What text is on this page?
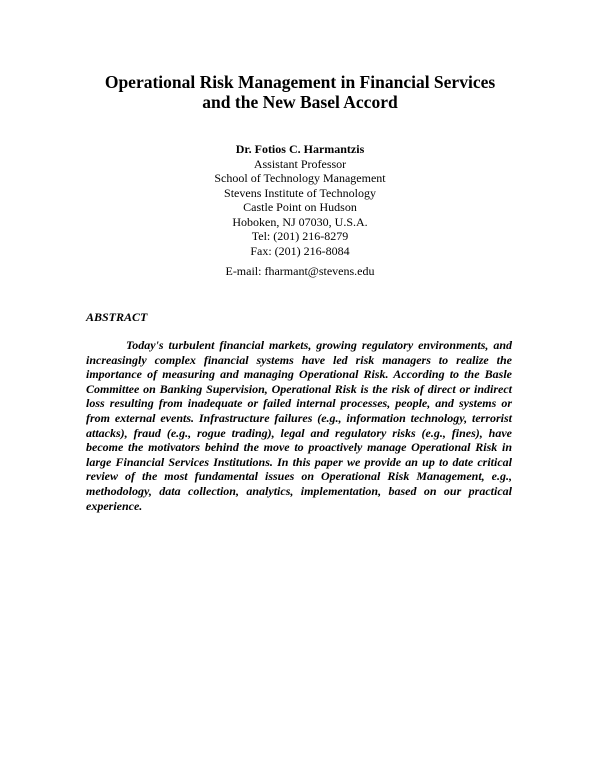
Operational Risk Management in Financial Services
and the New Basel Accord
Dr. Fotios C. Harmantzis
Assistant Professor
School of Technology Management
Stevens Institute of Technology
Castle Point on Hudson
Hoboken, NJ 07030, U.S.A.
Tel: (201) 216-8279
Fax: (201) 216-8084
E-mail: fharmant@stevens.edu
ABSTRACT

Today's turbulent financial markets, growing regulatory environments, and increasingly complex financial systems have led risk managers to realize the importance of measuring and managing Operational Risk. According to the Basle Committee on Banking Supervision, Operational Risk is the risk of direct or indirect loss resulting from inadequate or failed internal processes, people, and systems or from external events. Infrastructure failures (e.g., information technology, terrorist attacks), fraud (e.g., rogue trading), legal and regulatory risks (e.g., fines), have become the motivators behind the move to proactively manage Operational Risk in large Financial Services Institutions. In this paper we provide an up to date critical review of the most fundamental issues on Operational Risk Management, e.g., methodology, data collection, analytics, implementation, based on our practical experience.
